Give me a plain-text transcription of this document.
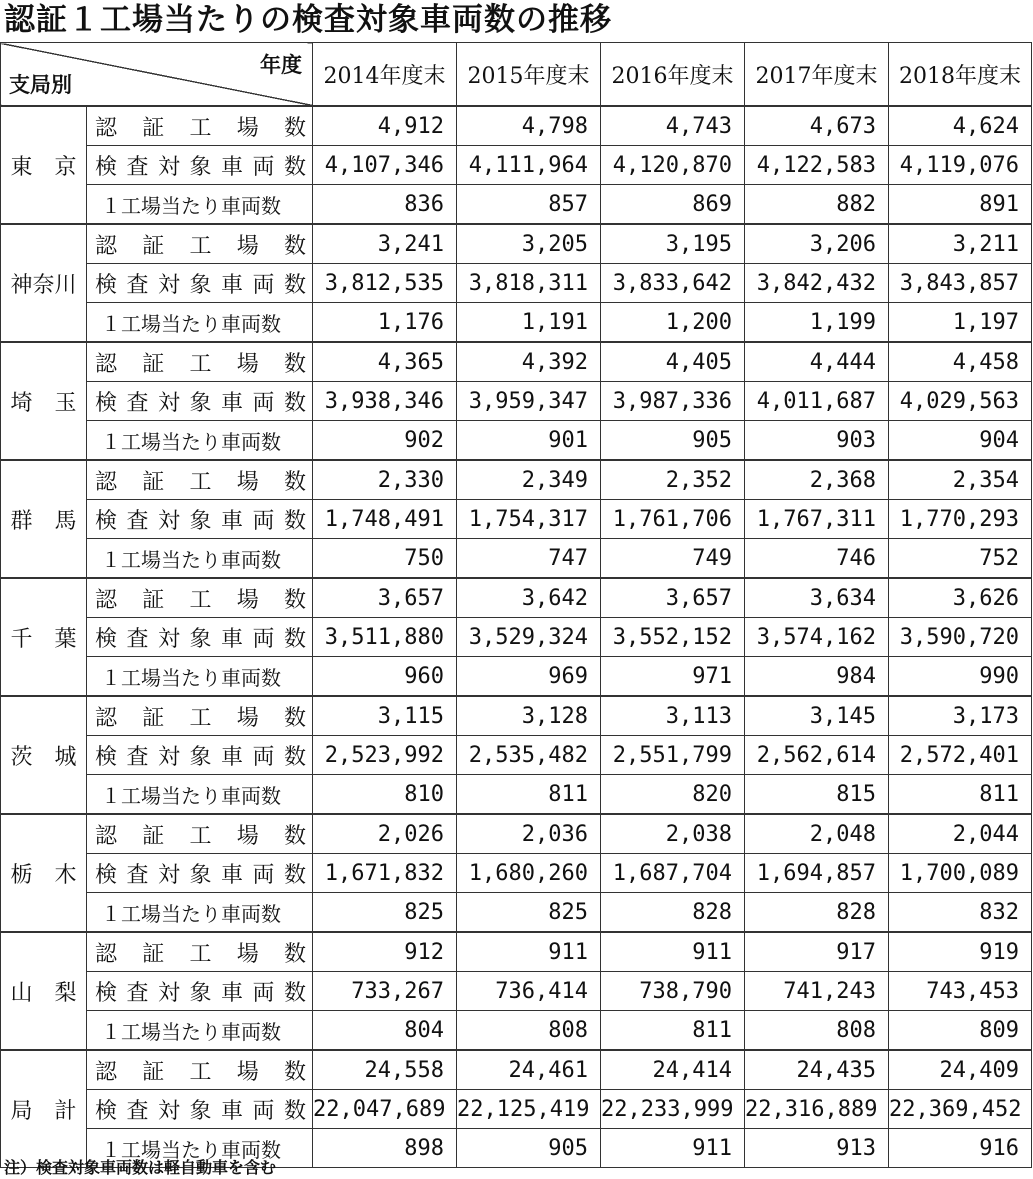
認証１工場当たりの検査対象車両数の推移
年度
支局別		2014年度末	2015年度末	2016年度末	2017年度末	2018年度末
東　京	認証工場数	4,912	4,798	4,743	4,673	4,624
	検査対象車両数	4,107,346	4,111,964	4,120,870	4,122,583	4,119,076
	１工場当たり車両数	836	857	869	882	891
神奈川	認証工場数	3,241	3,205	3,195	3,206	3,211
	検査対象車両数	3,812,535	3,818,311	3,833,642	3,842,432	3,843,857
	１工場当たり車両数	1,176	1,191	1,200	1,199	1,197
埼　玉	認証工場数	4,365	4,392	4,405	4,444	4,458
	検査対象車両数	3,938,346	3,959,347	3,987,336	4,011,687	4,029,563
	１工場当たり車両数	902	901	905	903	904
群　馬	認証工場数	2,330	2,349	2,352	2,368	2,354
	検査対象車両数	1,748,491	1,754,317	1,761,706	1,767,311	1,770,293
	１工場当たり車両数	750	747	749	746	752
千　葉	認証工場数	3,657	3,642	3,657	3,634	3,626
	検査対象車両数	3,511,880	3,529,324	3,552,152	3,574,162	3,590,720
	１工場当たり車両数	960	969	971	984	990
茨　城	認証工場数	3,115	3,128	3,113	3,145	3,173
	検査対象車両数	2,523,992	2,535,482	2,551,799	2,562,614	2,572,401
	１工場当たり車両数	810	811	820	815	811
栃　木	認証工場数	2,026	2,036	2,038	2,048	2,044
	検査対象車両数	1,671,832	1,680,260	1,687,704	1,694,857	1,700,089
	１工場当たり車両数	825	825	828	828	832
山　梨	認証工場数	912	911	911	917	919
	検査対象車両数	733,267	736,414	738,790	741,243	743,453
	１工場当たり車両数	804	808	811	808	809
局　計	認証工場数	24,558	24,461	24,414	24,435	24,409
	検査対象車両数	22,047,689	22,125,419	22,233,999	22,316,889	22,369,452
	１工場当たり車両数	898	905	911	913	916
注）検査対象車両数は軽自動車を含む
